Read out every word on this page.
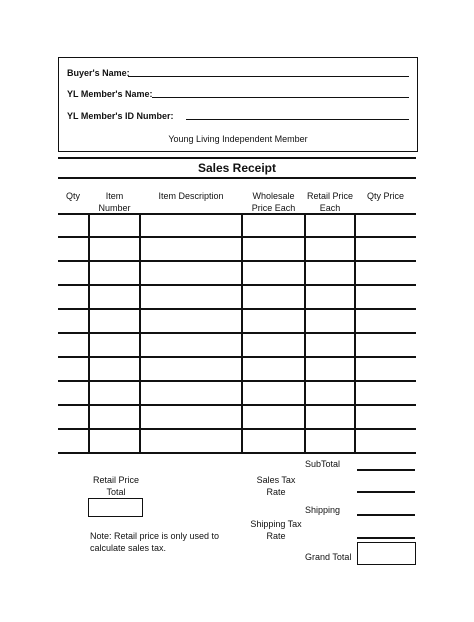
Buyer's Name:
YL Member's Name:
YL Member's ID Number:
Young Living Independent Member
Sales Receipt
Qty	Item
Number
Item Description	Wholesale
Price Each
Retail Price
Each
Qty Price
Retail Price
Total
Note: Retail price is only used to
calculate sales tax.
Sales Tax
Rate
Shipping Tax
Rate
SubTotal
Shipping
Grand Total
